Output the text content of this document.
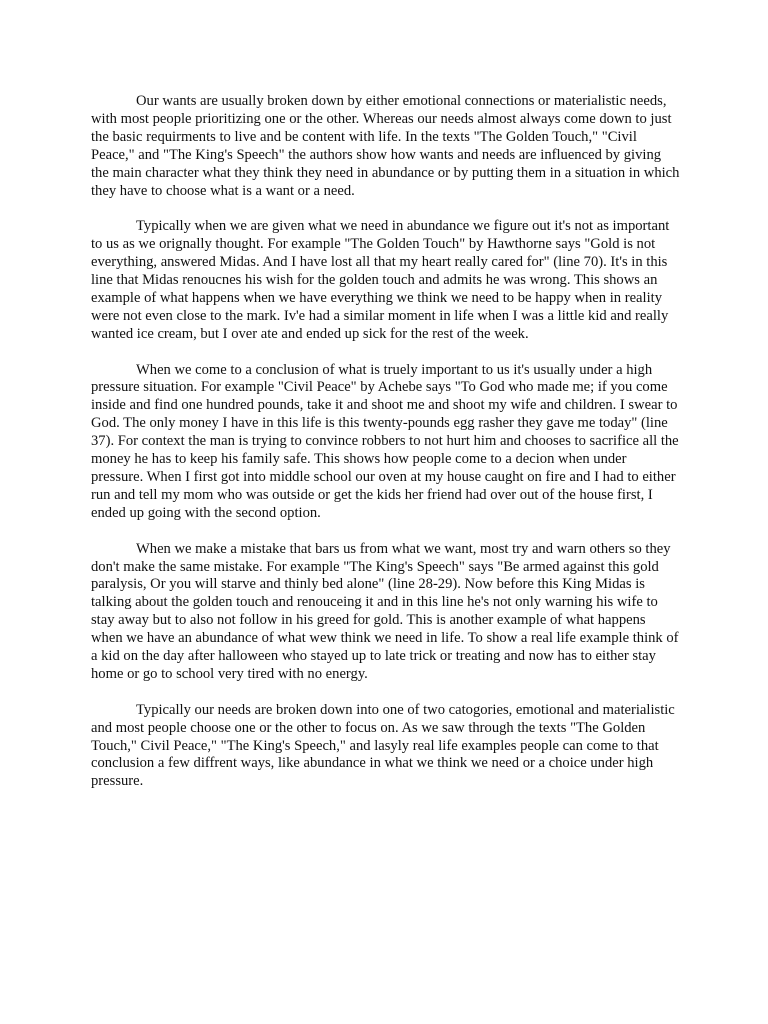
Our wants are usually broken down by either emotional connections or materialistic needs, with most people prioritizing one or the other. Whereas our needs almost always come down to just the basic requirments to live and be content with life. In the texts "The Golden Touch," "Civil Peace," and "The King's Speech" the authors show how wants and needs are influenced by giving the main character what they think they need in abundance or by putting them in a situation in which they have to choose what is a want or a need.

Typically when we are given what we need in abundance we figure out it's not as important to us as we orignally thought. For example "The Golden Touch" by Hawthorne says "Gold is not everything, answered Midas. And I have lost all that my heart really cared for" (line 70). It's in this line that Midas renoucnes his wish for the golden touch and admits he was wrong. This shows an example of what happens when we have everything we think we need to be happy when in reality were not even close to the mark. Iv'e had a similar moment in life when I was a little kid and really wanted ice cream, but I over ate and ended up sick for the rest of the week.

When we come to a conclusion of what is truely important to us it's usually under a high pressure situation. For example "Civil Peace" by Achebe says "To God who made me; if you come inside and find one hundred pounds, take it and shoot me and shoot my wife and children. I swear to God. The only money I have in this life is this twenty-pounds egg rasher they gave me today" (line 37). For context the man is trying to convince robbers to not hurt him and chooses to sacrifice all the money he has to keep his family safe. This shows how people come to a decion when under pressure. When I first got into middle school our oven at my house caught on fire and I had to either run and tell my mom who was outside or get the kids her friend had over out of the house first, I ended up going with the second option.

When we make a mistake that bars us from what we want, most try and warn others so they don't make the same mistake. For example "The King's Speech" says "Be armed against this gold paralysis, Or you will starve and thinly bed alone" (line 28-29). Now before this King Midas is talking about the golden touch and renouceing it and in this line he's not only warning his wife to stay away but to also not follow in his greed for gold. This is another example of what happens when we have an abundance of what wew think we need in life. To show a real life example think of a kid on the day after halloween who stayed up to late trick or treating and now has to either stay home or go to school very tired with no energy.

Typically our needs are broken down into one of two catogories, emotional and materialistic and most people choose one or the other to focus on. As we saw through the texts "The Golden Touch," Civil Peace," "The King's Speech," and lasyly real life examples people can come to that conclusion a few diffrent ways, like abundance in what we think we need or a choice under high pressure.
